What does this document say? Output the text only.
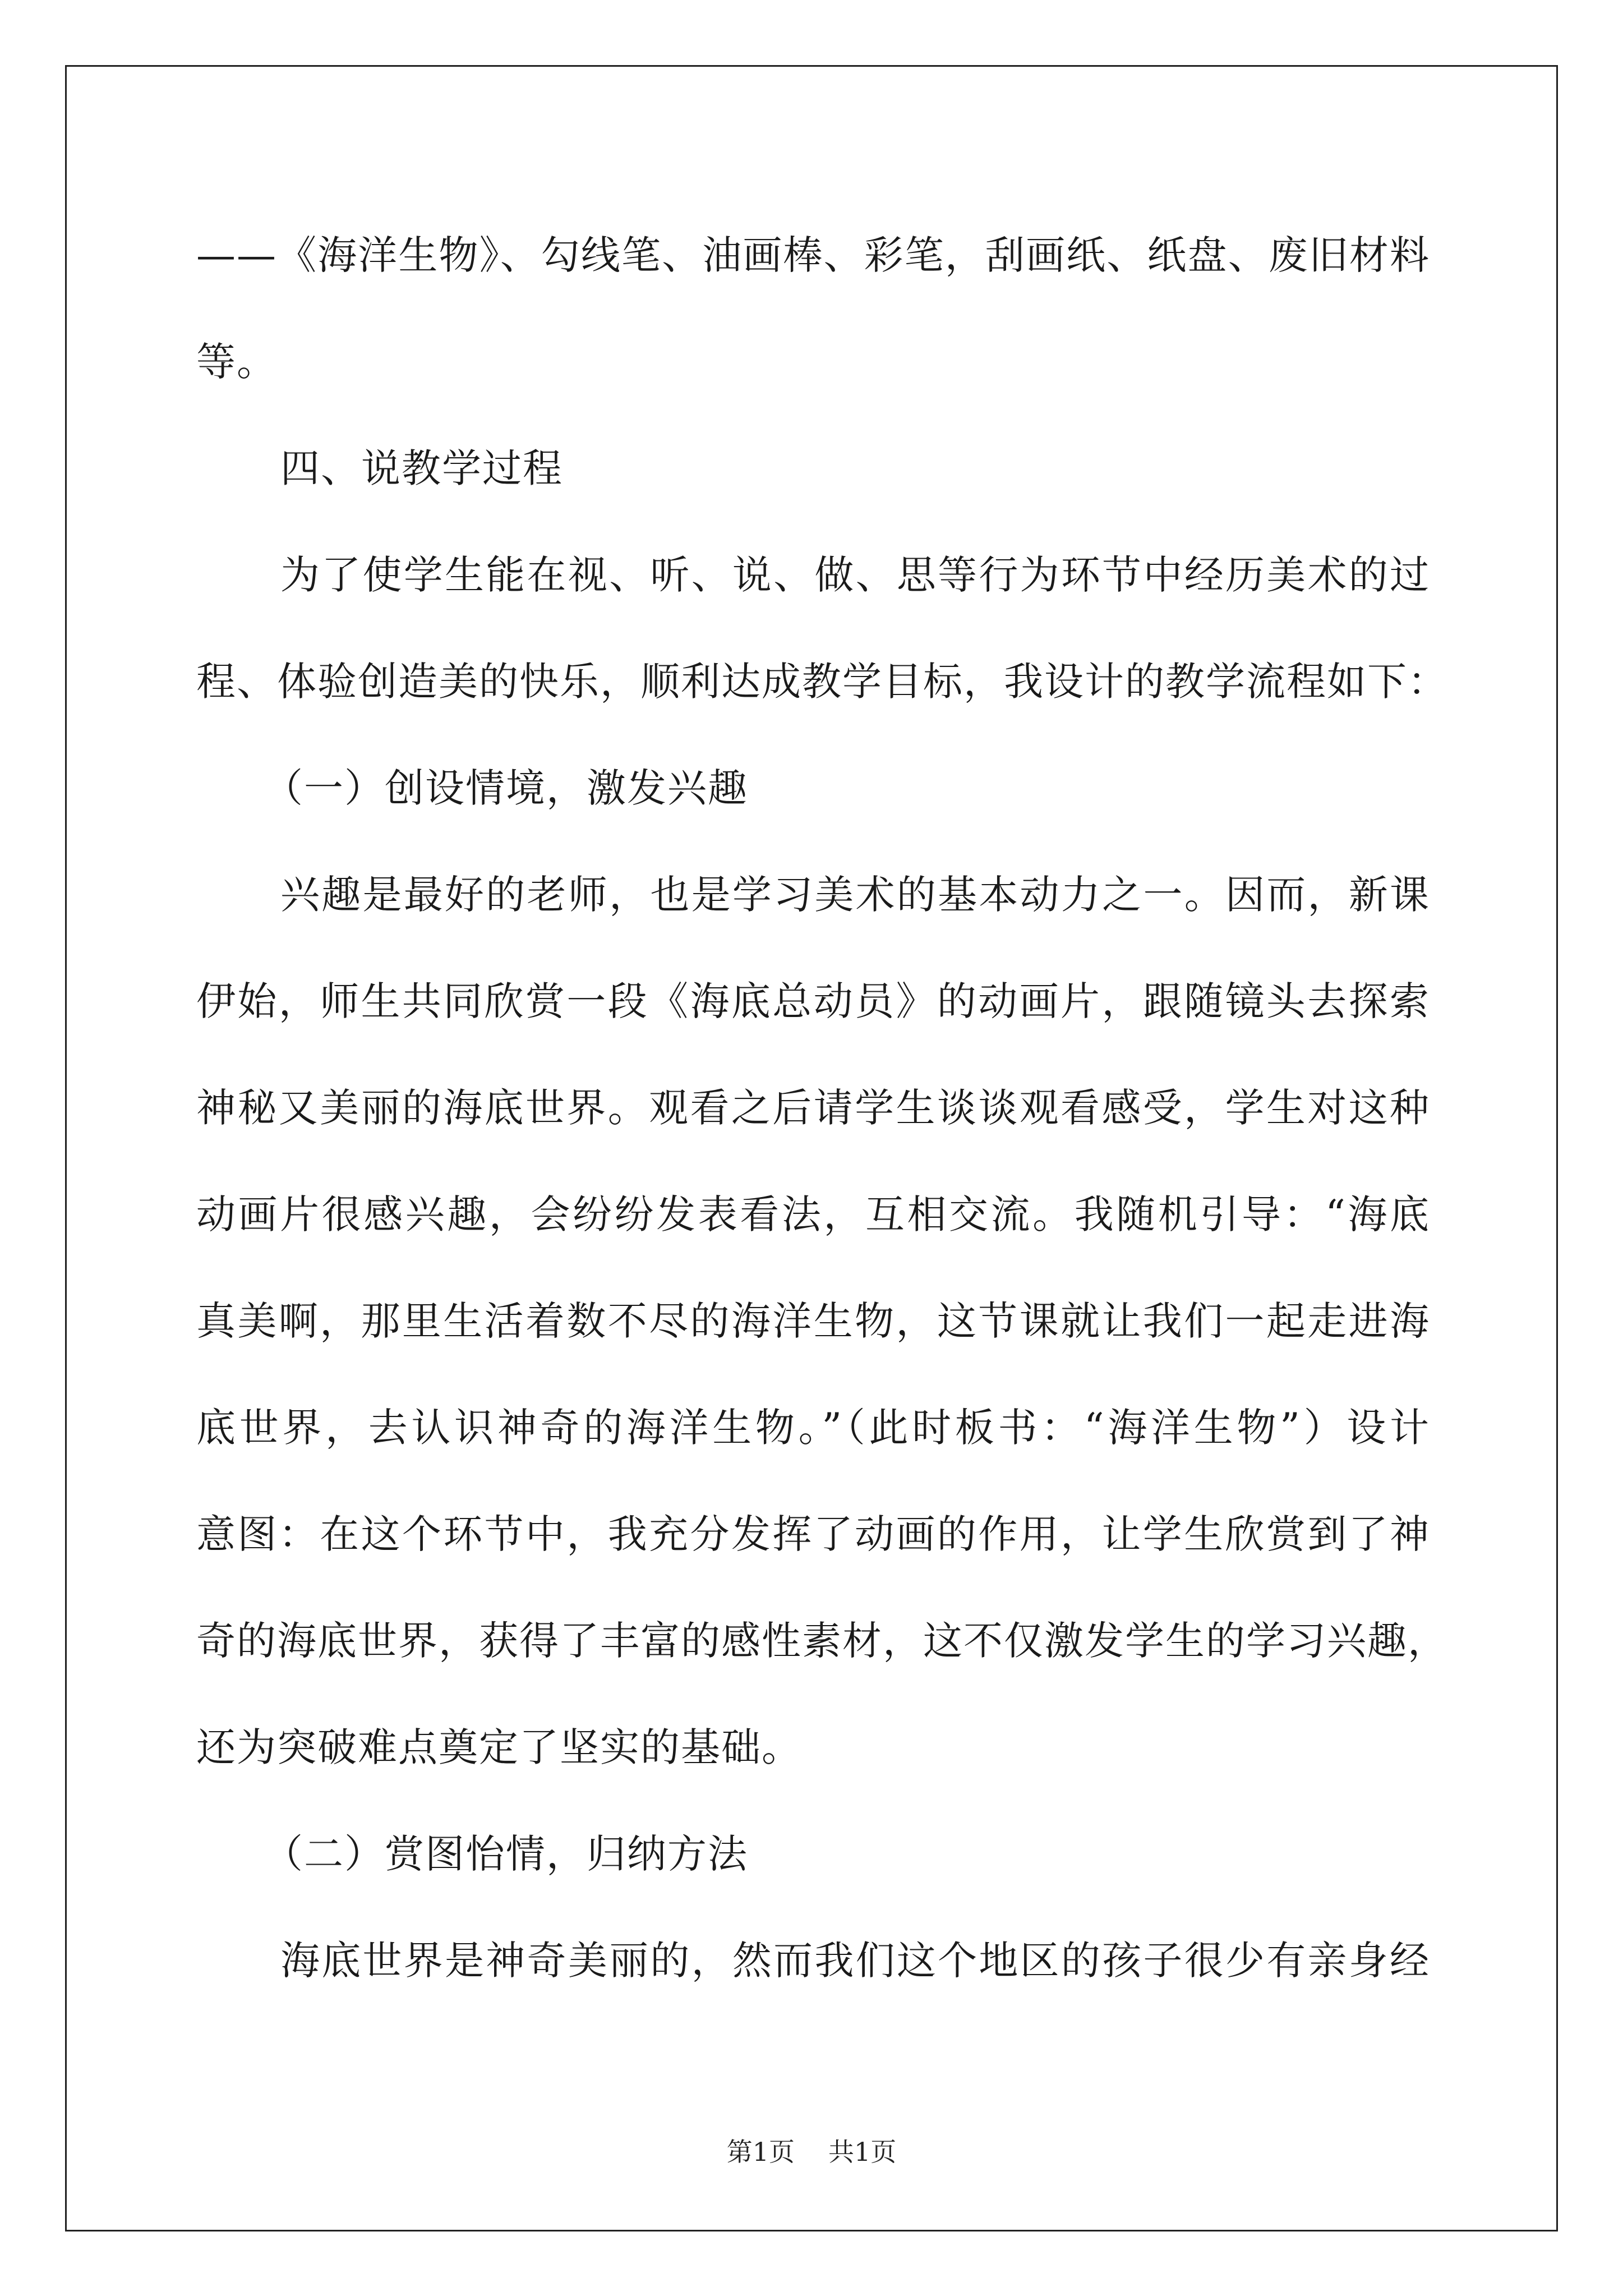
——《海洋生物》、勾线笔、油画棒、彩笔，刮画纸、纸盘、废旧材料
等。
四、说教学过程
为了使学生能在视、听、说、做、思等行为环节中经历美术的过
程、体验创造美的快乐，顺利达成教学目标，我设计的教学流程如下：
（一）创设情境，激发兴趣
兴趣是最好的老师，也是学习美术的基本动力之一。因而，新课
伊始，师生共同欣赏一段《海底总动员》的动画片，跟随镜头去探索
神秘又美丽的海底世界。观看之后请学生谈谈观看感受，学生对这种
动画片很感兴趣，会纷纷发表看法，互相交流。我随机引导：“海底
真美啊，那里生活着数不尽的海洋生物，这节课就让我们一起走进海
底世界，去认识神奇的海洋生物。”（此时板书：“海洋生物”）设计
意图：在这个环节中，我充分发挥了动画的作用，让学生欣赏到了神
奇的海底世界，获得了丰富的感性素材，这不仅激发学生的学习兴趣，
还为突破难点奠定了坚实的基础。
（二）赏图怡情，归纳方法
海底世界是神奇美丽的，然而我们这个地区的孩子很少有亲身经
第1页 共1页
